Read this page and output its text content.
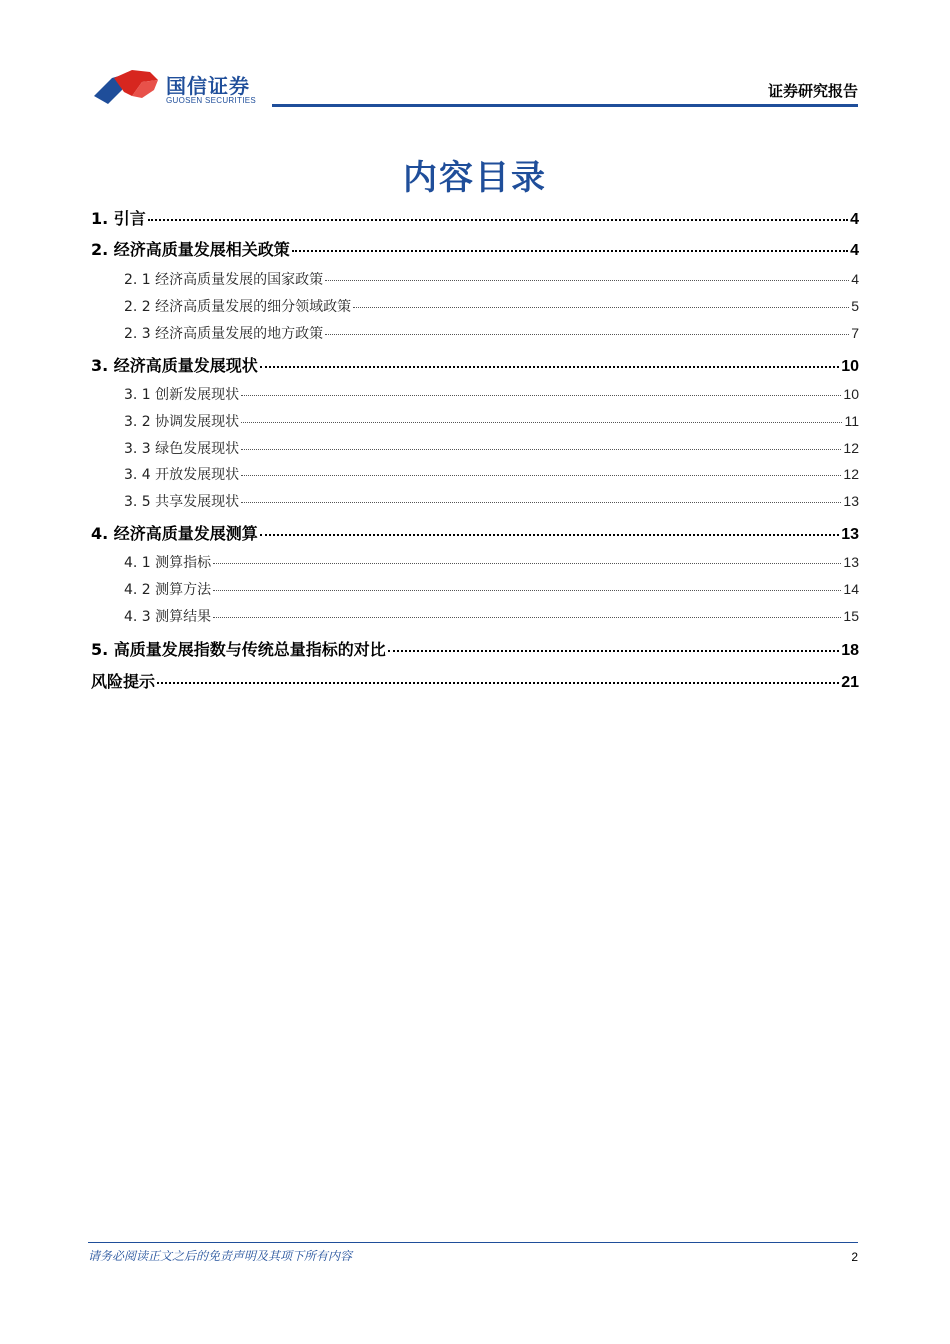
国信证券
GUOSEN SECURITIES
证券研究报告
内容目录
1. 引言	4
2. 经济高质量发展相关政策	4
2. 1 经济高质量发展的国家政策	4
2. 2 经济高质量发展的细分领域政策	5
2. 3 经济高质量发展的地方政策	7
3. 经济高质量发展现状	10
3. 1 创新发展现状	10
3. 2 协调发展现状	11
3. 3 绿色发展现状	12
3. 4 开放发展现状	12
3. 5 共享发展现状	13
4. 经济高质量发展测算	13
4. 1 测算指标	13
4. 2 测算方法	14
4. 3 测算结果	15
5. 高质量发展指数与传统总量指标的对比	18
风险提示	21
请务必阅读正文之后的免责声明及其项下所有内容	2
